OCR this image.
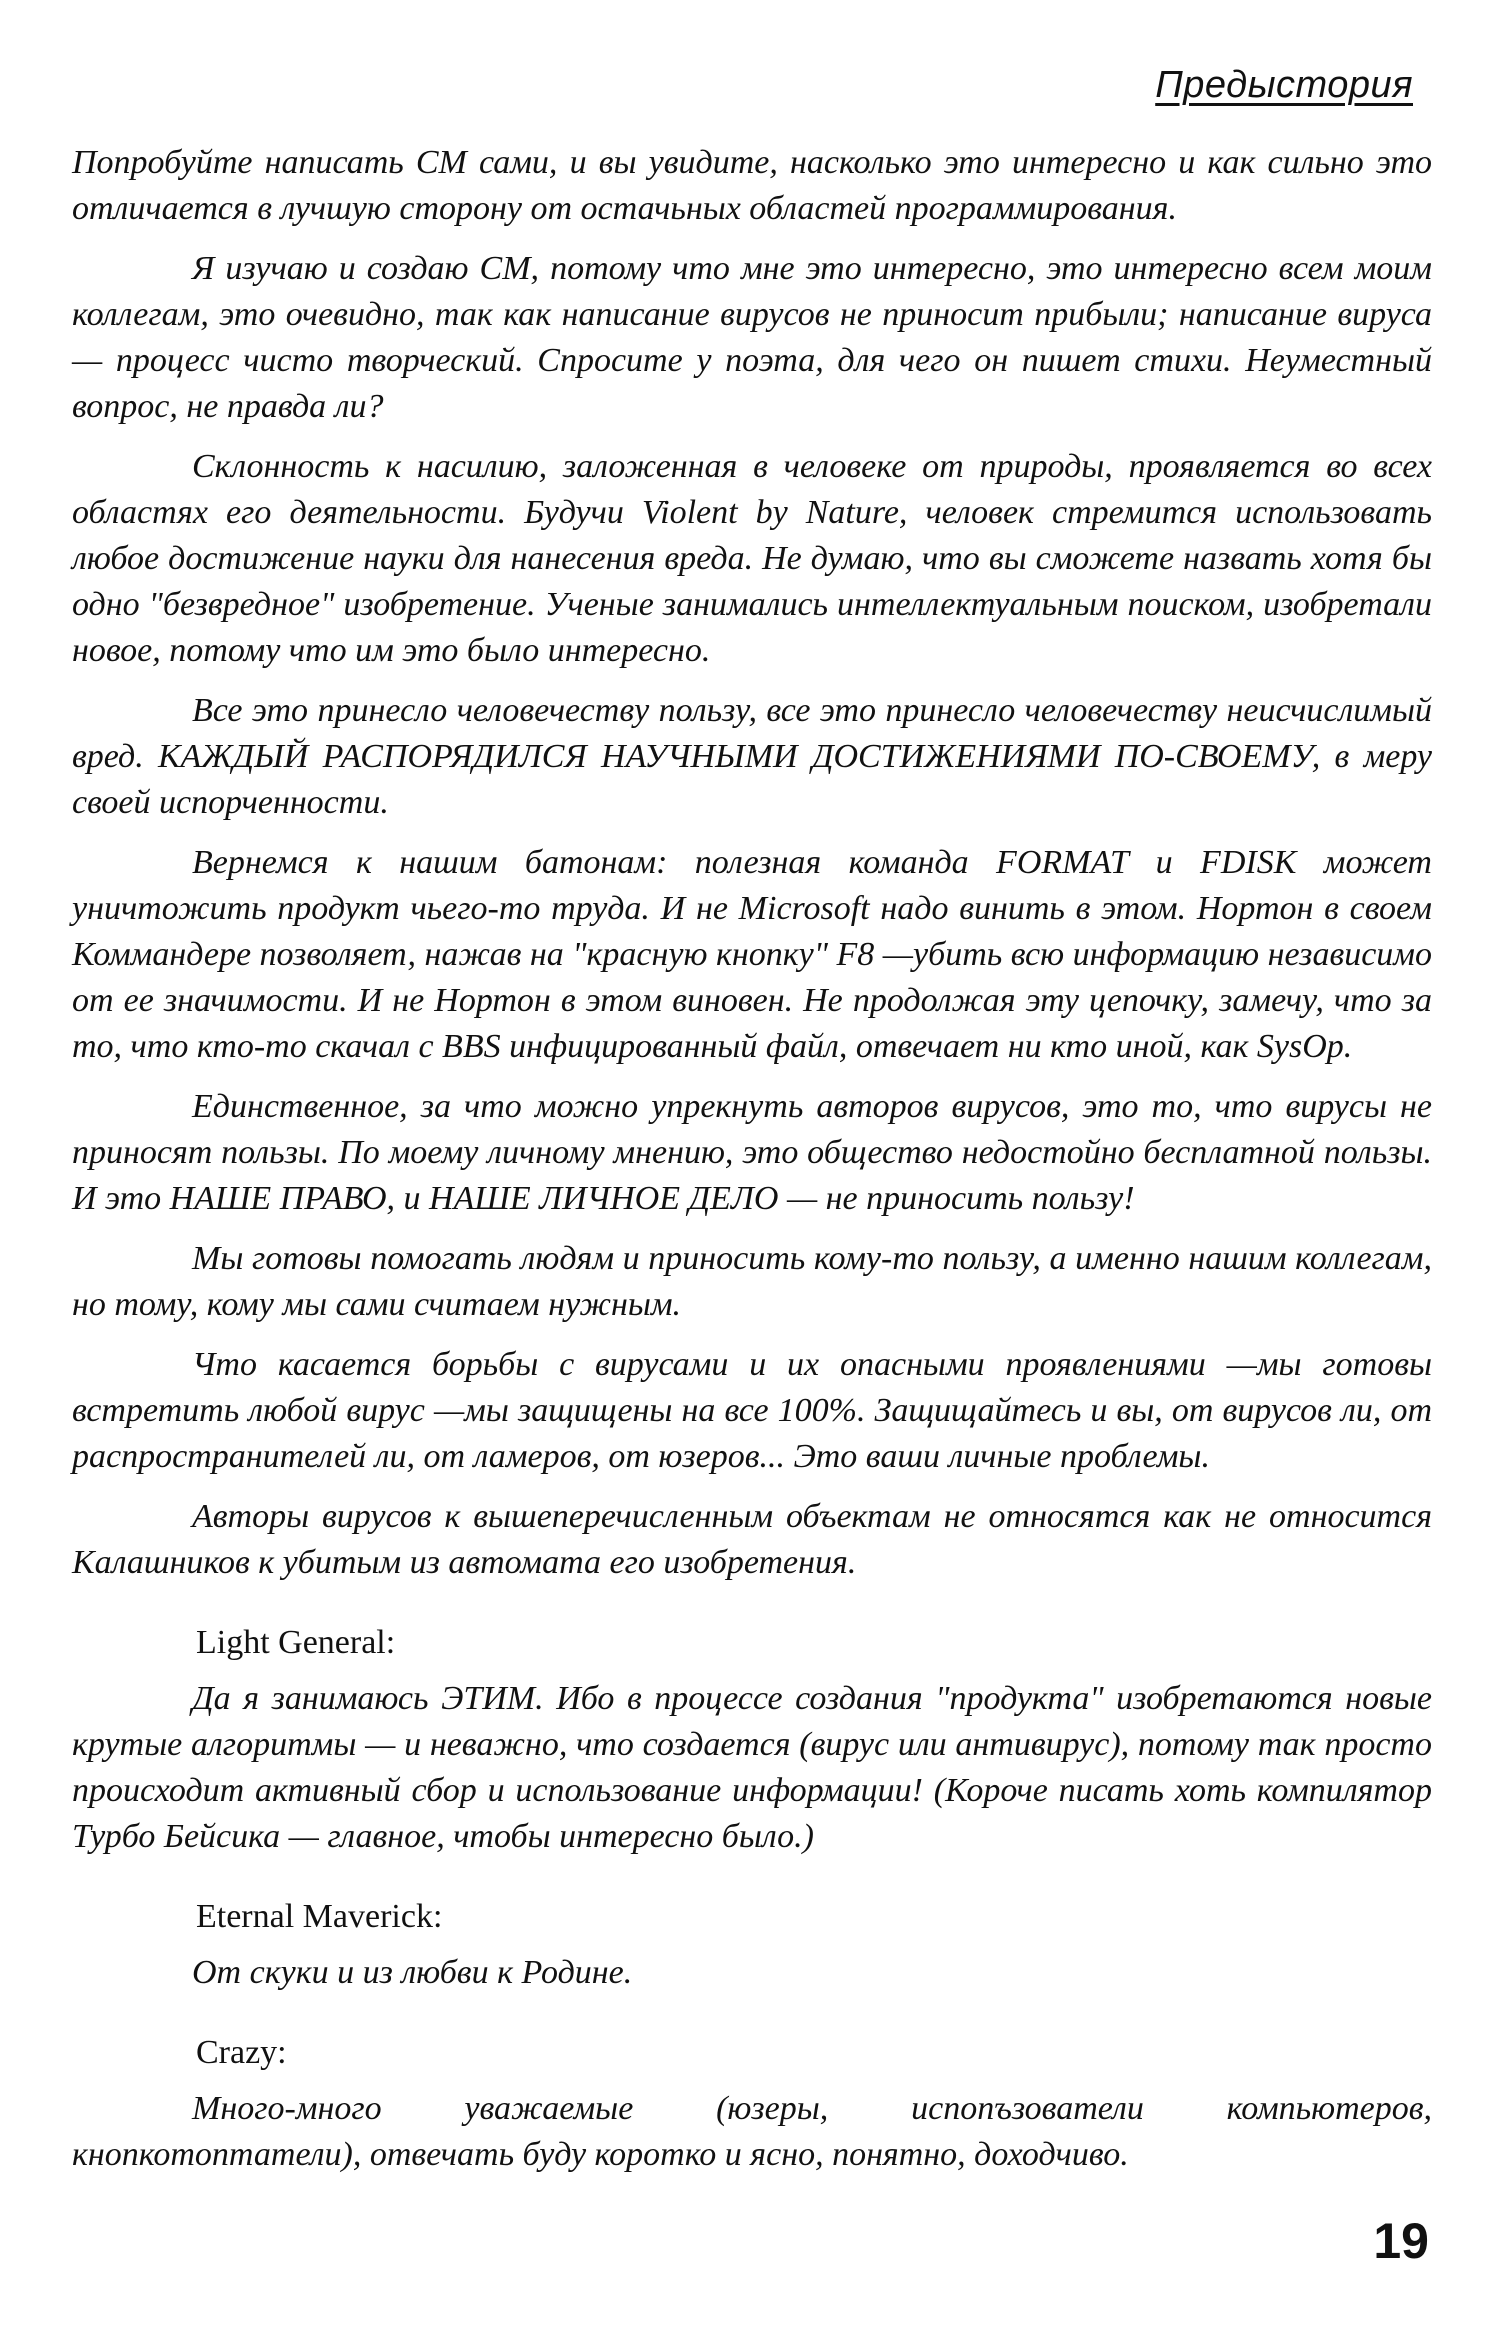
Предыстория

Попробуйте написать СМ сами, и вы увидите, насколько это интересно и как сильно это отличается в лучшую сторону от остачьных областей программирования.

Я изучаю и создаю СМ, потому что мне это интересно, это интересно всем моим коллегам, это очевидно, так как написание вирусов не приносит прибыли; написание вируса — процесс чисто творческий. Спросите у поэта, для чего он пишет стихи. Неуместный вопрос, не правда ли?

Склонность к насилию, заложенная в человеке от природы, проявляется во всех областях его деятельности. Будучи Violent by Nature, человек стремится использовать любое достижение науки для нанесения вреда. Не думаю, что вы сможете назвать хотя бы одно "безвредное" изобретение. Ученые занимались интеллектуальным поиском, изобретали новое, потому что им это было интересно.

Все это принесло человечеству пользу, все это принесло человечеству неисчислимый вред. КАЖДЫЙ РАСПОРЯДИЛСЯ НАУЧНЫМИ ДОСТИЖЕНИЯМИ ПО-СВОЕМУ, в меру своей испорченности.

Вернемся к нашим батонам: полезная команда FORMAT и FDISK может уничтожить продукт чьего-то труда. И не Microsoft надо винить в этом. Нортон в своем Коммандере позволяет, нажав на "красную кнопку" F8 —убить всю информацию независимо от ее значимости. И не Нортон в этом виновен. Не продолжая эту цепочку, замечу, что за то, что кто-то скачал с BBS инфицированный файл, отвечает ни кто иной, как SysOp.

Единственное, за что можно упрекнуть авторов вирусов, это то, что вирусы не приносят пользы. По моему личному мнению, это общество недостойно бесплатной пользы. И это НАШЕ ПРАВО, и НАШЕ ЛИЧНОЕ ДЕЛО — не приносить пользу!

Мы готовы помогать людям и приносить кому-то пользу, а именно нашим коллегам, но тому, кому мы сами считаем нужным.

Что касается борьбы с вирусами и их опасными проявлениями —мы готовы встретить любой вирус —мы защищены на все 100%. Защищайтесь и вы, от вирусов ли, от распространителей ли, от ламеров, от юзеров... Это ваши личные проблемы.

Авторы вирусов к вышеперечисленным объектам не относятся как не относится Калашников к убитым из автомата его изобретения.

Light General:

Да я занимаюсь ЭТИМ. Ибо в процессе создания "продукта" изобретаются новые крутые алгоритмы — и неважно, что создается (вирус или антивирус), потому так просто происходит активный сбор и использование информации! (Короче писать хоть компилятор Турбо Бейсика — главное, чтобы интересно было.)

Eternal Maverick:

От скуки и из любви к Родине.

Crazy:

Много-много уважаемые (юзеры, испопъзователи компьютеров, кнопкотоптатели), отвечать буду коротко и ясно, понятно, доходчиво.

19
